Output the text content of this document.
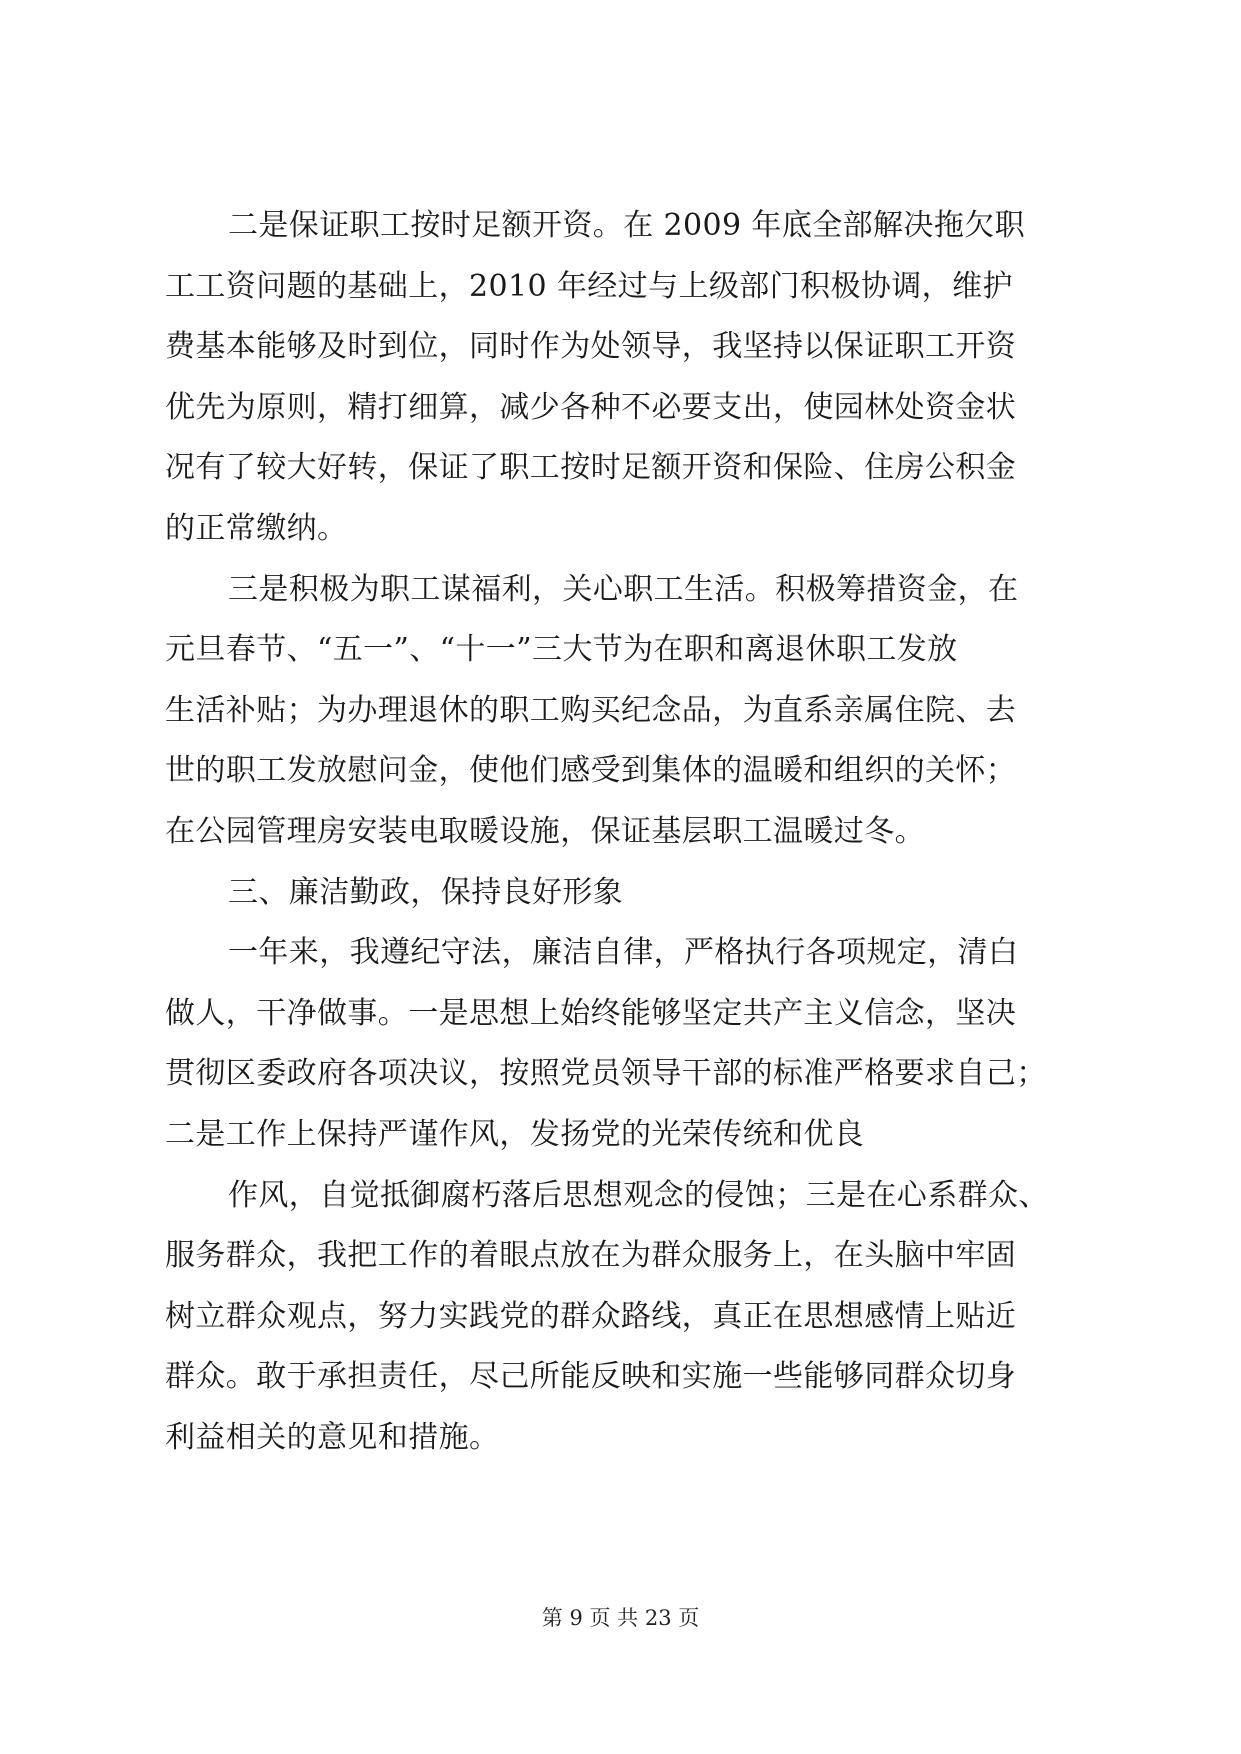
二是保证职工按时足额开资。在 2009 年底全部解决拖欠职
工工资问题的基础上，2010 年经过与上级部门积极协调，维护
费基本能够及时到位，同时作为处领导，我坚持以保证职工开资
优先为原则，精打细算，减少各种不必要支出，使园林处资金状
况有了较大好转，保证了职工按时足额开资和保险、住房公积金
的正常缴纳。
三是积极为职工谋福利，关心职工生活。积极筹措资金，在
元旦春节、“五一”、“十一”三大节为在职和离退休职工发放
生活补贴；为办理退休的职工购买纪念品，为直系亲属住院、去
世的职工发放慰问金，使他们感受到集体的温暖和组织的关怀；
在公园管理房安装电取暖设施，保证基层职工温暖过冬。
三、廉洁勤政，保持良好形象
一年来，我遵纪守法，廉洁自律，严格执行各项规定，清白
做人，干净做事。一是思想上始终能够坚定共产主义信念，坚决
贯彻区委政府各项决议，按照党员领导干部的标准严格要求自己；
二是工作上保持严谨作风，发扬党的光荣传统和优良
作风，自觉抵御腐朽落后思想观念的侵蚀；三是在心系群众、
服务群众，我把工作的着眼点放在为群众服务上，在头脑中牢固
树立群众观点，努力实践党的群众路线，真正在思想感情上贴近
群众。敢于承担责任，尽己所能反映和实施一些能够同群众切身
利益相关的意见和措施。
第 9 页 共 23 页
